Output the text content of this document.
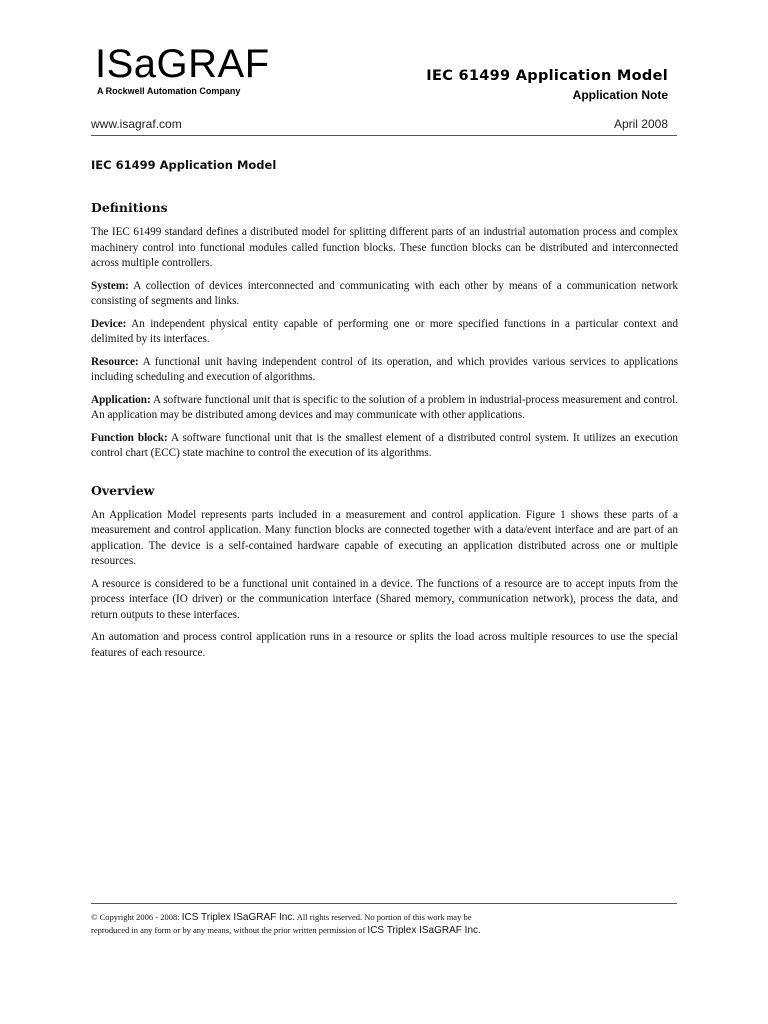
ISaGRAF
A Rockwell Automation Company
IEC 61499 Application Model
Application Note
www.isagraf.com	April 2008
IEC 61499 Application Model
Definitions

The IEC 61499 standard defines a distributed model for splitting different parts of an industrial automation process and complex machinery control into functional modules called function blocks. These function blocks can be distributed and interconnected across multiple controllers.

System: A collection of devices interconnected and communicating with each other by means of a communication network consisting of segments and links.

Device: An independent physical entity capable of performing one or more specified functions in a particular context and delimited by its interfaces.

Resource: A functional unit having independent control of its operation, and which provides various services to applications including scheduling and execution of algorithms.

Application: A software functional unit that is specific to the solution of a problem in industrial-process measurement and control. An application may be distributed among devices and may communicate with other applications.

Function block: A software functional unit that is the smallest element of a distributed control system. It utilizes an execution control chart (ECC) state machine to control the execution of its algorithms.

Overview

An Application Model represents parts included in a measurement and control application. Figure 1 shows these parts of a measurement and control application. Many function blocks are connected together with a data/event interface and are part of an application. The device is a self-contained hardware capable of executing an application distributed across one or multiple resources.

A resource is considered to be a functional unit contained in a device. The functions of a resource are to accept inputs from the process interface (IO driver) or the communication interface (Shared memory, communication network), process the data, and return outputs to these interfaces.

An automation and process control application runs in a resource or splits the load across multiple resources to use the special features of each resource.

© Copyright 2006 - 2008: ICS Triplex ISaGRAF Inc. All rights reserved. No portion of this work may be
reproduced in any form or by any means, without the prior written permission of ICS Triplex ISaGRAF Inc.
